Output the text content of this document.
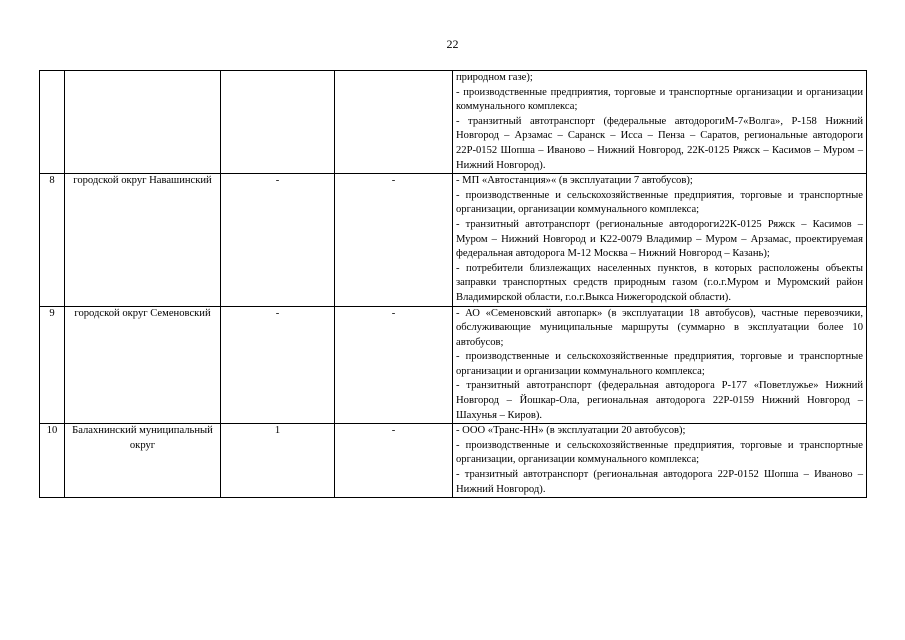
22

				природном газе);
- производственные предприятия, торговые и транспортные организации и организации коммунального комплекса;
- транзитный автотранспорт (федеральные автодорогиМ-7«Волга», Р-158 Нижний Новгород – Арзамас – Саранск – Исса – Пенза – Саратов, региональные автодороги 22Р-0152 Шопша – Иваново – Нижний Новгород, 22К-0125 Ряжск – Касимов – Муром – Нижний Новгород).

8	городской округ Навашинский	-	-	- МП «Автостанция»« (в эксплуатации 7 автобусов);
- производственные и сельскохозяйственные предприятия, торговые и транспортные организации, организации коммунального комплекса;
- транзитный автотранспорт (региональные автодороги22К-0125 Ряжск – Касимов – Муром – Нижний Новгород и К22-0079 Владимир – Муром – Арзамас, проектируемая федеральная автодорога М-12 Москва – Нижний Новгород – Казань);
- потребители близлежащих населенных пунктов, в которых расположены объекты заправки транспортных средств природным газом (г.о.г.Муром и Муромский район Владимирской области, г.о.г.Выкса Нижегородской области).

9	городской округ Семеновский	-	-	- АО «Семеновский автопарк» (в эксплуатации 18 автобусов), частные перевозчики, обслуживающие муниципальные маршруты (суммарно в эксплуатации более 10 автобусов;
- производственные и сельскохозяйственные предприятия, торговые и транспортные организации и организации коммунального комплекса;
- транзитный автотранспорт (федеральная автодорога Р-177 «Поветлужье» Нижний Новгород – Йошкар-Ола, региональная автодорога 22Р-0159 Нижний Новгород – Шахунья – Киров).

10	Балахнинский муниципальный округ	1	-	- ООО «Транс-НН» (в эксплуатации 20 автобусов);
- производственные и сельскохозяйственные предприятия, торговые и транспортные организации, организации коммунального комплекса;
- транзитный автотранспорт (региональная автодорога 22Р-0152 Шопша – Иваново – Нижний Новгород).
